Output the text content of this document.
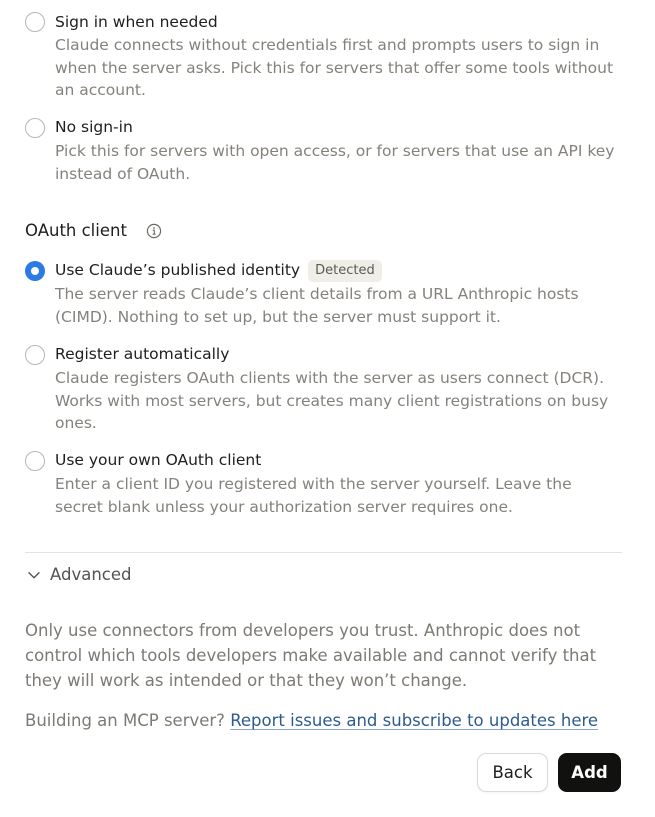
Sign in when needed
Claude connects without credentials first and prompts users to sign in when the server asks. Pick this for servers that offer some tools without an account.
No sign-in
Pick this for servers with open access, or for servers that use an API key instead of OAuth.
OAuth client
Use Claude’s published identity Detected
The server reads Claude’s client details from a URL Anthropic hosts (CIMD). Nothing to set up, but the server must support it.
Register automatically
Claude registers OAuth clients with the server as users connect (DCR). Works with most servers, but creates many client registrations on busy ones.
Use your own OAuth client
Enter a client ID you registered with the server yourself. Leave the secret blank unless your authorization server requires one.
Advanced
Only use connectors from developers you trust. Anthropic does not control which tools developers make available and cannot verify that they will work as intended or that they won’t change.
Building an MCP server? Report issues and subscribe to updates here
Back	Add
